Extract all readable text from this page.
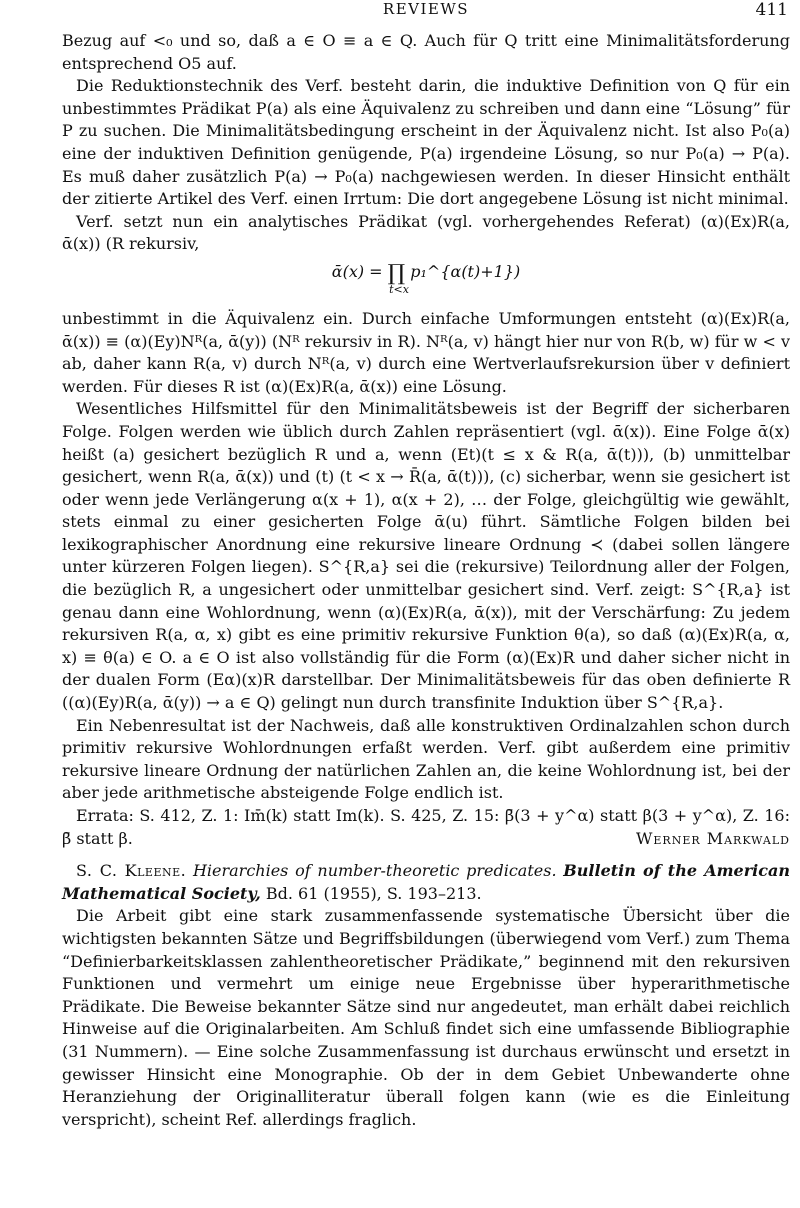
REVIEWS	411

Bezug auf <₀ und so, daß a ∈ O ≡ a ∈ Q. Auch für Q tritt eine Minimalitätsforderung entsprechend O5 auf.

Die Reduktionstechnik des Verf. besteht darin, die induktive Definition von Q für ein unbestimmtes Prädikat P(a) als eine Äquivalenz zu schreiben und dann eine “Lösung” für P zu suchen. Die Minimalitätsbedingung erscheint in der Äquivalenz nicht. Ist also P₀(a) eine der induktiven Definition genügende, P(a) irgendeine Lösung, so nur P₀(a) → P(a). Es muß daher zusätzlich P(a) → P₀(a) nachgewiesen werden. In dieser Hinsicht enthält der zitierte Artikel des Verf. einen Irrtum: Die dort angegebene Lösung ist nicht minimal.

Verf. setzt nun ein analytisches Prädikat (vgl. vorhergehendes Referat) (α)(Ex)R(a, ᾱ(x)) (R rekursiv,

ᾱ(x) = ∏ p₁^{α(t)+1})
t<x

unbestimmt in die Äquivalenz ein. Durch einfache Umformungen entsteht (α)(Ex)R(a, ᾱ(x)) ≡ (α)(Ey)Nᴿ(a, ᾱ(y)) (Nᴿ rekursiv in R). Nᴿ(a, v) hängt hier nur von R(b, w) für w < v ab, daher kann R(a, v) durch Nᴿ(a, v) durch eine Wertverlaufsrekursion über v definiert werden. Für dieses R ist (α)(Ex)R(a, ᾱ(x)) eine Lösung.

Wesentliches Hilfsmittel für den Minimalitätsbeweis ist der Begriff der sicherbaren Folge. Folgen werden wie üblich durch Zahlen repräsentiert (vgl. ᾱ(x)). Eine Folge ᾱ(x) heißt (a) gesichert bezüglich R und a, wenn (Et)(t ≤ x & R(a, ᾱ(t))), (b) unmittelbar gesichert, wenn R(a, ᾱ(x)) und (t) (t < x → R̄(a, ᾱ(t))), (c) sicherbar, wenn sie gesichert ist oder wenn jede Verlängerung α(x + 1), α(x + 2), … der Folge, gleichgültig wie gewählt, stets einmal zu einer gesicherten Folge ᾱ(u) führt. Sämtliche Folgen bilden bei lexikographischer Anordnung eine rekursive lineare Ordnung ≺ (dabei sollen längere unter kürzeren Folgen liegen). S^{R,a} sei die (rekursive) Teilordnung aller der Folgen, die bezüglich R, a ungesichert oder unmittelbar gesichert sind. Verf. zeigt: S^{R,a} ist genau dann eine Wohlordnung, wenn (α)(Ex)R(a, ᾱ(x)), mit der Verschärfung: Zu jedem rekursiven R(a, α, x) gibt es eine primitiv rekursive Funktion θ(a), so daß (α)(Ex)R(a, α, x) ≡ θ(a) ∈ O. a ∈ O ist also vollständig für die Form (α)(Ex)R und daher sicher nicht in der dualen Form (Eα)(x)R darstellbar. Der Minimalitätsbeweis für das oben definierte R ((α)(Ey)R(a, ᾱ(y)) → a ∈ Q) gelingt nun durch transfinite Induktion über S^{R,a}.

Ein Nebenresultat ist der Nachweis, daß alle konstruktiven Ordinalzahlen schon durch primitiv rekursive Wohlordnungen erfaßt werden. Verf. gibt außerdem eine primitiv rekursive lineare Ordnung der natürlichen Zahlen an, die keine Wohlordnung ist, bei der aber jede arithmetische absteigende Folge endlich ist.

Errata: S. 412, Z. 1: Im̄(k) statt Im(k). S. 425, Z. 15: β̄(3 + y^α) statt β(3 + y^α), Z. 16: β̄ statt β.	Werner Markwald

S. C. Kleene. Hierarchies of number-theoretic predicates. Bulletin of the American Mathematical Society, Bd. 61 (1955), S. 193–213.

Die Arbeit gibt eine stark zusammenfassende systematische Übersicht über die wichtigsten bekannten Sätze und Begriffsbildungen (überwiegend vom Verf.) zum Thema “Definierbarkeitsklassen zahlentheoretischer Prädikate,” beginnend mit den rekursiven Funktionen und vermehrt um einige neue Ergebnisse über hyperarithmetische Prädikate. Die Beweise bekannter Sätze sind nur angedeutet, man erhält dabei reichlich Hinweise auf die Originalarbeiten. Am Schluß findet sich eine umfassende Bibliographie (31 Nummern). — Eine solche Zusammenfassung ist durchaus erwünscht und ersetzt in gewisser Hinsicht eine Monographie. Ob der in dem Gebiet Unbewanderte ohne Heranziehung der Originalliteratur überall folgen kann (wie es die Einleitung verspricht), scheint Ref. allerdings fraglich.
